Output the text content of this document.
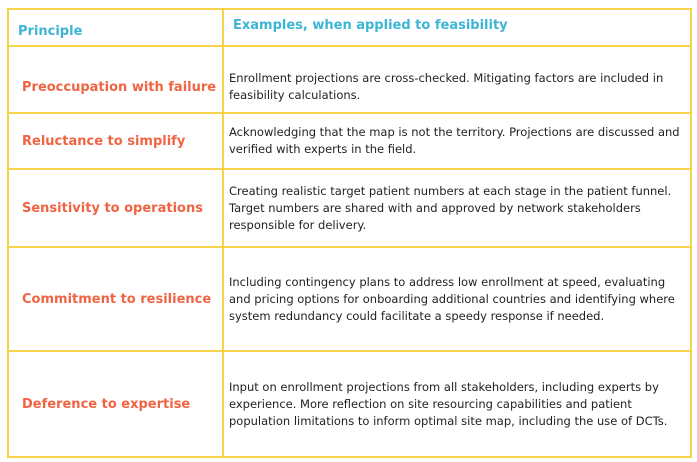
Principle	Examples, when applied to feasibility
Preoccupation with failure
Enrollment projections are cross-checked. Mitigating factors are included in feasibility calculations.
Reluctance to simplify
Acknowledging that the map is not the territory. Projections are discussed and verified with experts in the field.
Sensitivity to operations
Creating realistic target patient numbers at each stage in the patient funnel. Target numbers are shared with and approved by network stakeholders responsible for delivery.
Commitment to resilience
Including contingency plans to address low enrollment at speed, evaluating and pricing options for onboarding additional countries and identifying where system redundancy could facilitate a speedy response if needed.
Deference to expertise
Input on enrollment projections from all stakeholders, including experts by experience. More reflection on site resourcing capabilities and patient population limitations to inform optimal site map, including the use of DCTs.
